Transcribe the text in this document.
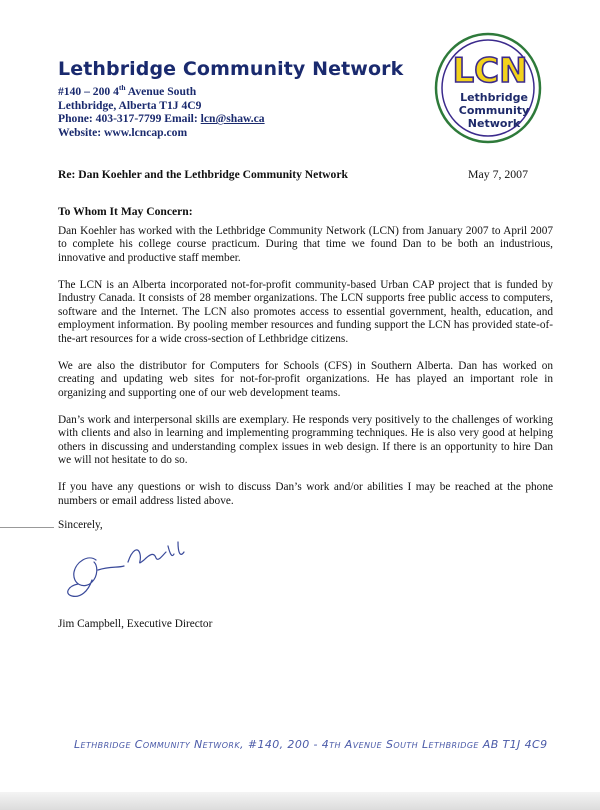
Lethbridge Community Network
#140 – 200 4th Avenue South
Lethbridge, Alberta T1J 4C9
Phone: 403-317-7799 Email: lcn@shaw.ca
Website: www.lcncap.com
LCN
Lethbridge
Community
Network
Re: Dan Koehler and the Lethbridge Community Network	May 7, 2007
To Whom It May Concern:

Dan Koehler has worked with the Lethbridge Community Network (LCN) from January 2007 to April 2007 to complete his college course practicum. During that time we found Dan to be both an industrious, innovative and productive staff member.

The LCN is an Alberta incorporated not-for-profit community-based Urban CAP project that is funded by Industry Canada. It consists of 28 member organizations. The LCN supports free public access to computers, software and the Internet. The LCN also promotes access to essential government, health, education, and employment information. By pooling member resources and funding support the LCN has provided state-of-the-art resources for a wide cross-section of Lethbridge citizens.

We are also the distributor for Computers for Schools (CFS) in Southern Alberta. Dan has worked on creating and updating web sites for not-for-profit organizations. He has played an important role in organizing and supporting one of our web development teams.

Dan’s work and interpersonal skills are exemplary. He responds very positively to the challenges of working with clients and also in learning and implementing programming techniques. He is also very good at helping others in discussing and understanding complex issues in web design. If there is an opportunity to hire Dan we will not hesitate to do so.

If you have any questions or wish to discuss Dan’s work and/or abilities I may be reached at the phone numbers or email address listed above.

Sincerely,
Jim Campbell, Executive Director
Lethbridge Community Network, #140, 200 - 4th Avenue South Lethbridge AB T1J 4C9
